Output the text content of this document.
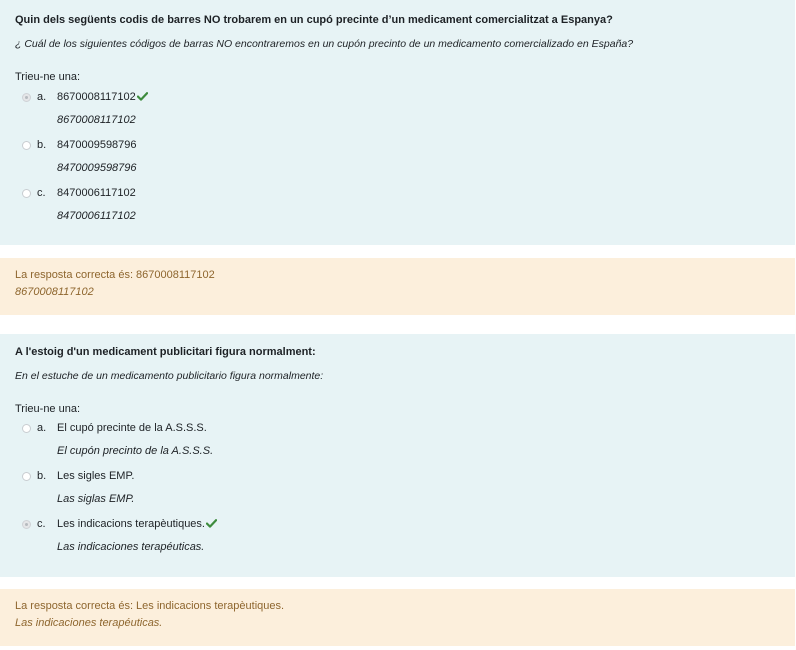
Quin dels següents codis de barres NO trobarem en un cupó precinte d’un medicament comercialitzat a Espanya?
¿ Cuál de los siguientes códigos de barras NO encontraremos en un cupón precinto de un medicamento comercializado en España?
Trieu-ne una:
a. 8670008117102
8670008117102
b. 8470009598796
8470009598796
c. 8470006117102
8470006117102
La resposta correcta és: 8670008117102
8670008117102
A l'estoig d'un medicament publicitari figura normalment:
En el estuche de un medicamento publicitario figura normalmente:
Trieu-ne una:
a. El cupó precinte de la A.S.S.S.
El cupón precinto de la A.S.S.S.
b. Les sigles EMP.
Las siglas EMP.
c. Les indicacions terapèutiques.
Las indicaciones terapéuticas.
La resposta correcta és: Les indicacions terapèutiques.
Las indicaciones terapéuticas.
